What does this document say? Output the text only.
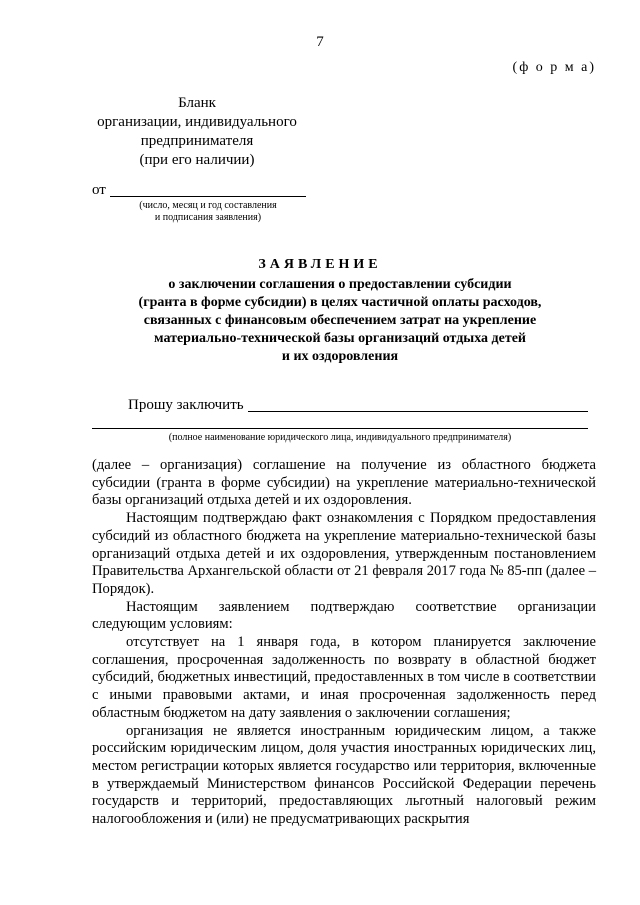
7
(ф о р м а)
Бланк
организации, индивидуального
предпринимателя
(при его наличии)
от
(число, месяц и год составления
и подписания заявления)
ЗАЯВЛЕНИЕ
о заключении соглашения о предоставлении субсидии
(гранта в форме субсидии) в целях частичной оплаты расходов,
связанных с финансовым обеспечением затрат на укрепление
материально-технической базы организаций отдыха детей
и их оздоровления
Прошу заключить
(полное наименование юридического лица, индивидуального предпринимателя)

(далее – организация) соглашение на получение из областного бюджета субсидии (гранта в форме субсидии) на укрепление материально-технической базы организаций отдыха детей и их оздоровления.

Настоящим подтверждаю факт ознакомления с Порядком предоставления субсидий из областного бюджета на укрепление материально-технической базы организаций отдыха детей и их оздоровления, утвержденным постановлением Правительства Архангельской области от 21 февраля 2017 года № 85-пп (далее – Порядок).

Настоящим заявлением подтверждаю соответствие организации следующим условиям:

отсутствует на 1 января года, в котором планируется заключение соглашения, просроченная задолженность по возврату в областной бюджет субсидий, бюджетных инвестиций, предоставленных в том числе в соответствии с иными правовыми актами, и иная просроченная задолженность перед областным бюджетом на дату заявления о заключении соглашения;

организация не является иностранным юридическим лицом, а также российским юридическим лицом, доля участия иностранных юридических лиц, местом регистрации которых является государство или территория, включенные в утверждаемый Министерством финансов Российской Федерации перечень государств и территорий, предоставляющих льготный налоговый режим налогообложения и (или) не предусматривающих раскрытия
